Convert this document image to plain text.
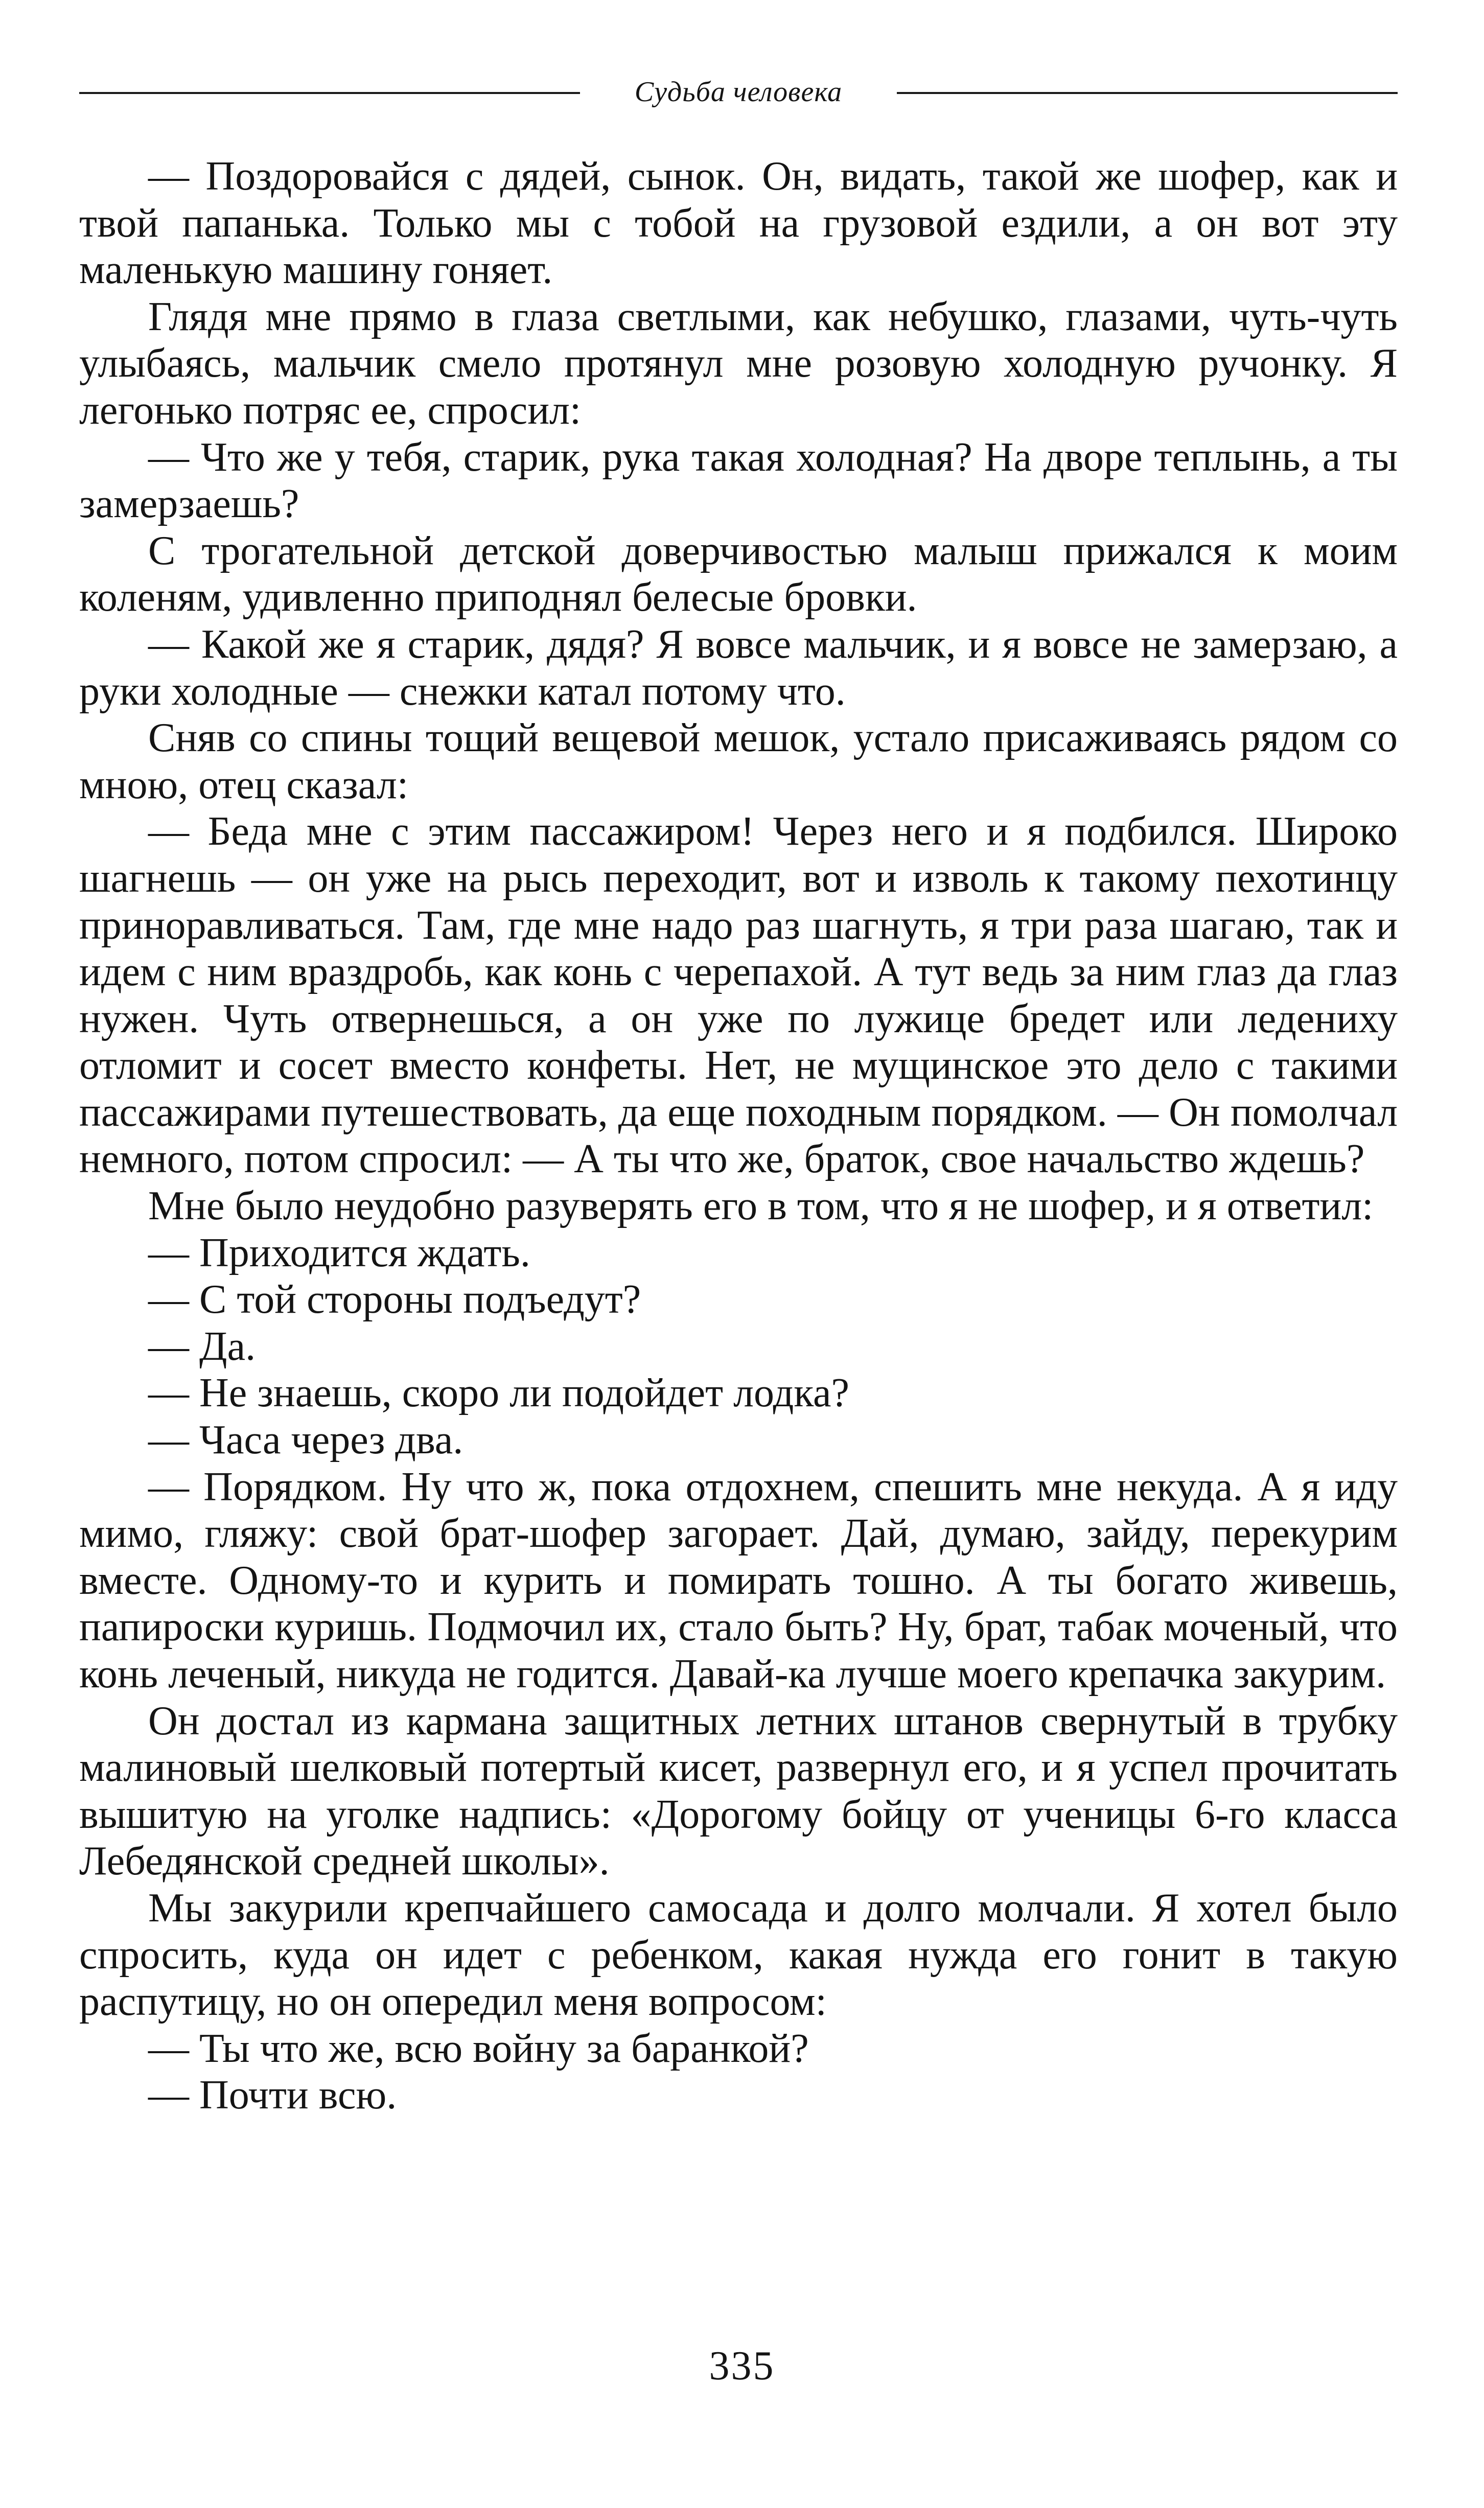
Судьба человека

— Поздоровайся с дядей, сынок. Он, видать, такой же шофер, как и твой папанька. Только мы с тобой на грузовой ездили, а он вот эту маленькую машину гоняет.

Глядя мне прямо в глаза светлыми, как небушко, глазами, чуть-чуть улыбаясь, мальчик смело протянул мне розовую холодную ручонку. Я легонько потряс ее, спросил:

— Что же у тебя, старик, рука такая холодная? На дворе теплынь, а ты замерзаешь?

С трогательной детской доверчивостью малыш прижался к моим коленям, удивленно приподнял белесые бровки.

— Какой же я старик, дядя? Я вовсе мальчик, и я вовсе не замерзаю, а руки холодные — снежки катал потому что.

Сняв со спины тощий вещевой мешок, устало присаживаясь рядом со мною, отец сказал:

— Беда мне с этим пассажиром! Через него и я подбился. Широко шагнешь — он уже на рысь переходит, вот и изволь к такому пехотинцу приноравливаться. Там, где мне надо раз шагнуть, я три раза шагаю, так и идем с ним враздробь, как конь с черепахой. А тут ведь за ним глаз да глаз нужен. Чуть отвернешься, а он уже по лужице бредет или ледениху отломит и сосет вместо конфеты. Нет, не мущинское это дело с такими пассажирами путешествовать, да еще походным порядком. — Он помолчал немного, потом спросил: — А ты что же, браток, свое начальство ждешь?

Мне было неудобно разуверять его в том, что я не шофер, и я ответил:

— Приходится ждать.

— С той стороны подъедут?

— Да.

— Не знаешь, скоро ли подойдет лодка?

— Часа через два.

— Порядком. Ну что ж, пока отдохнем, спешить мне некуда. А я иду мимо, гляжу: свой брат-шофер загорает. Дай, думаю, зайду, перекурим вместе. Одному-то и курить и помирать тошно. А ты богато живешь, папироски куришь. Подмочил их, стало быть? Ну, брат, табак моченый, что конь леченый, никуда не годится. Давай-ка лучше моего крепачка закурим.

Он достал из кармана защитных летних штанов свернутый в трубку малиновый шелковый потертый кисет, развернул его, и я успел прочитать вышитую на уголке надпись: «Дорогому бойцу от ученицы 6-го класса Лебедянской средней школы».

Мы закурили крепчайшего самосада и долго молчали. Я хотел было спросить, куда он идет с ребенком, какая нужда его гонит в такую распутицу, но он опередил меня вопросом:

— Ты что же, всю войну за баранкой?

— Почти всю.

335
